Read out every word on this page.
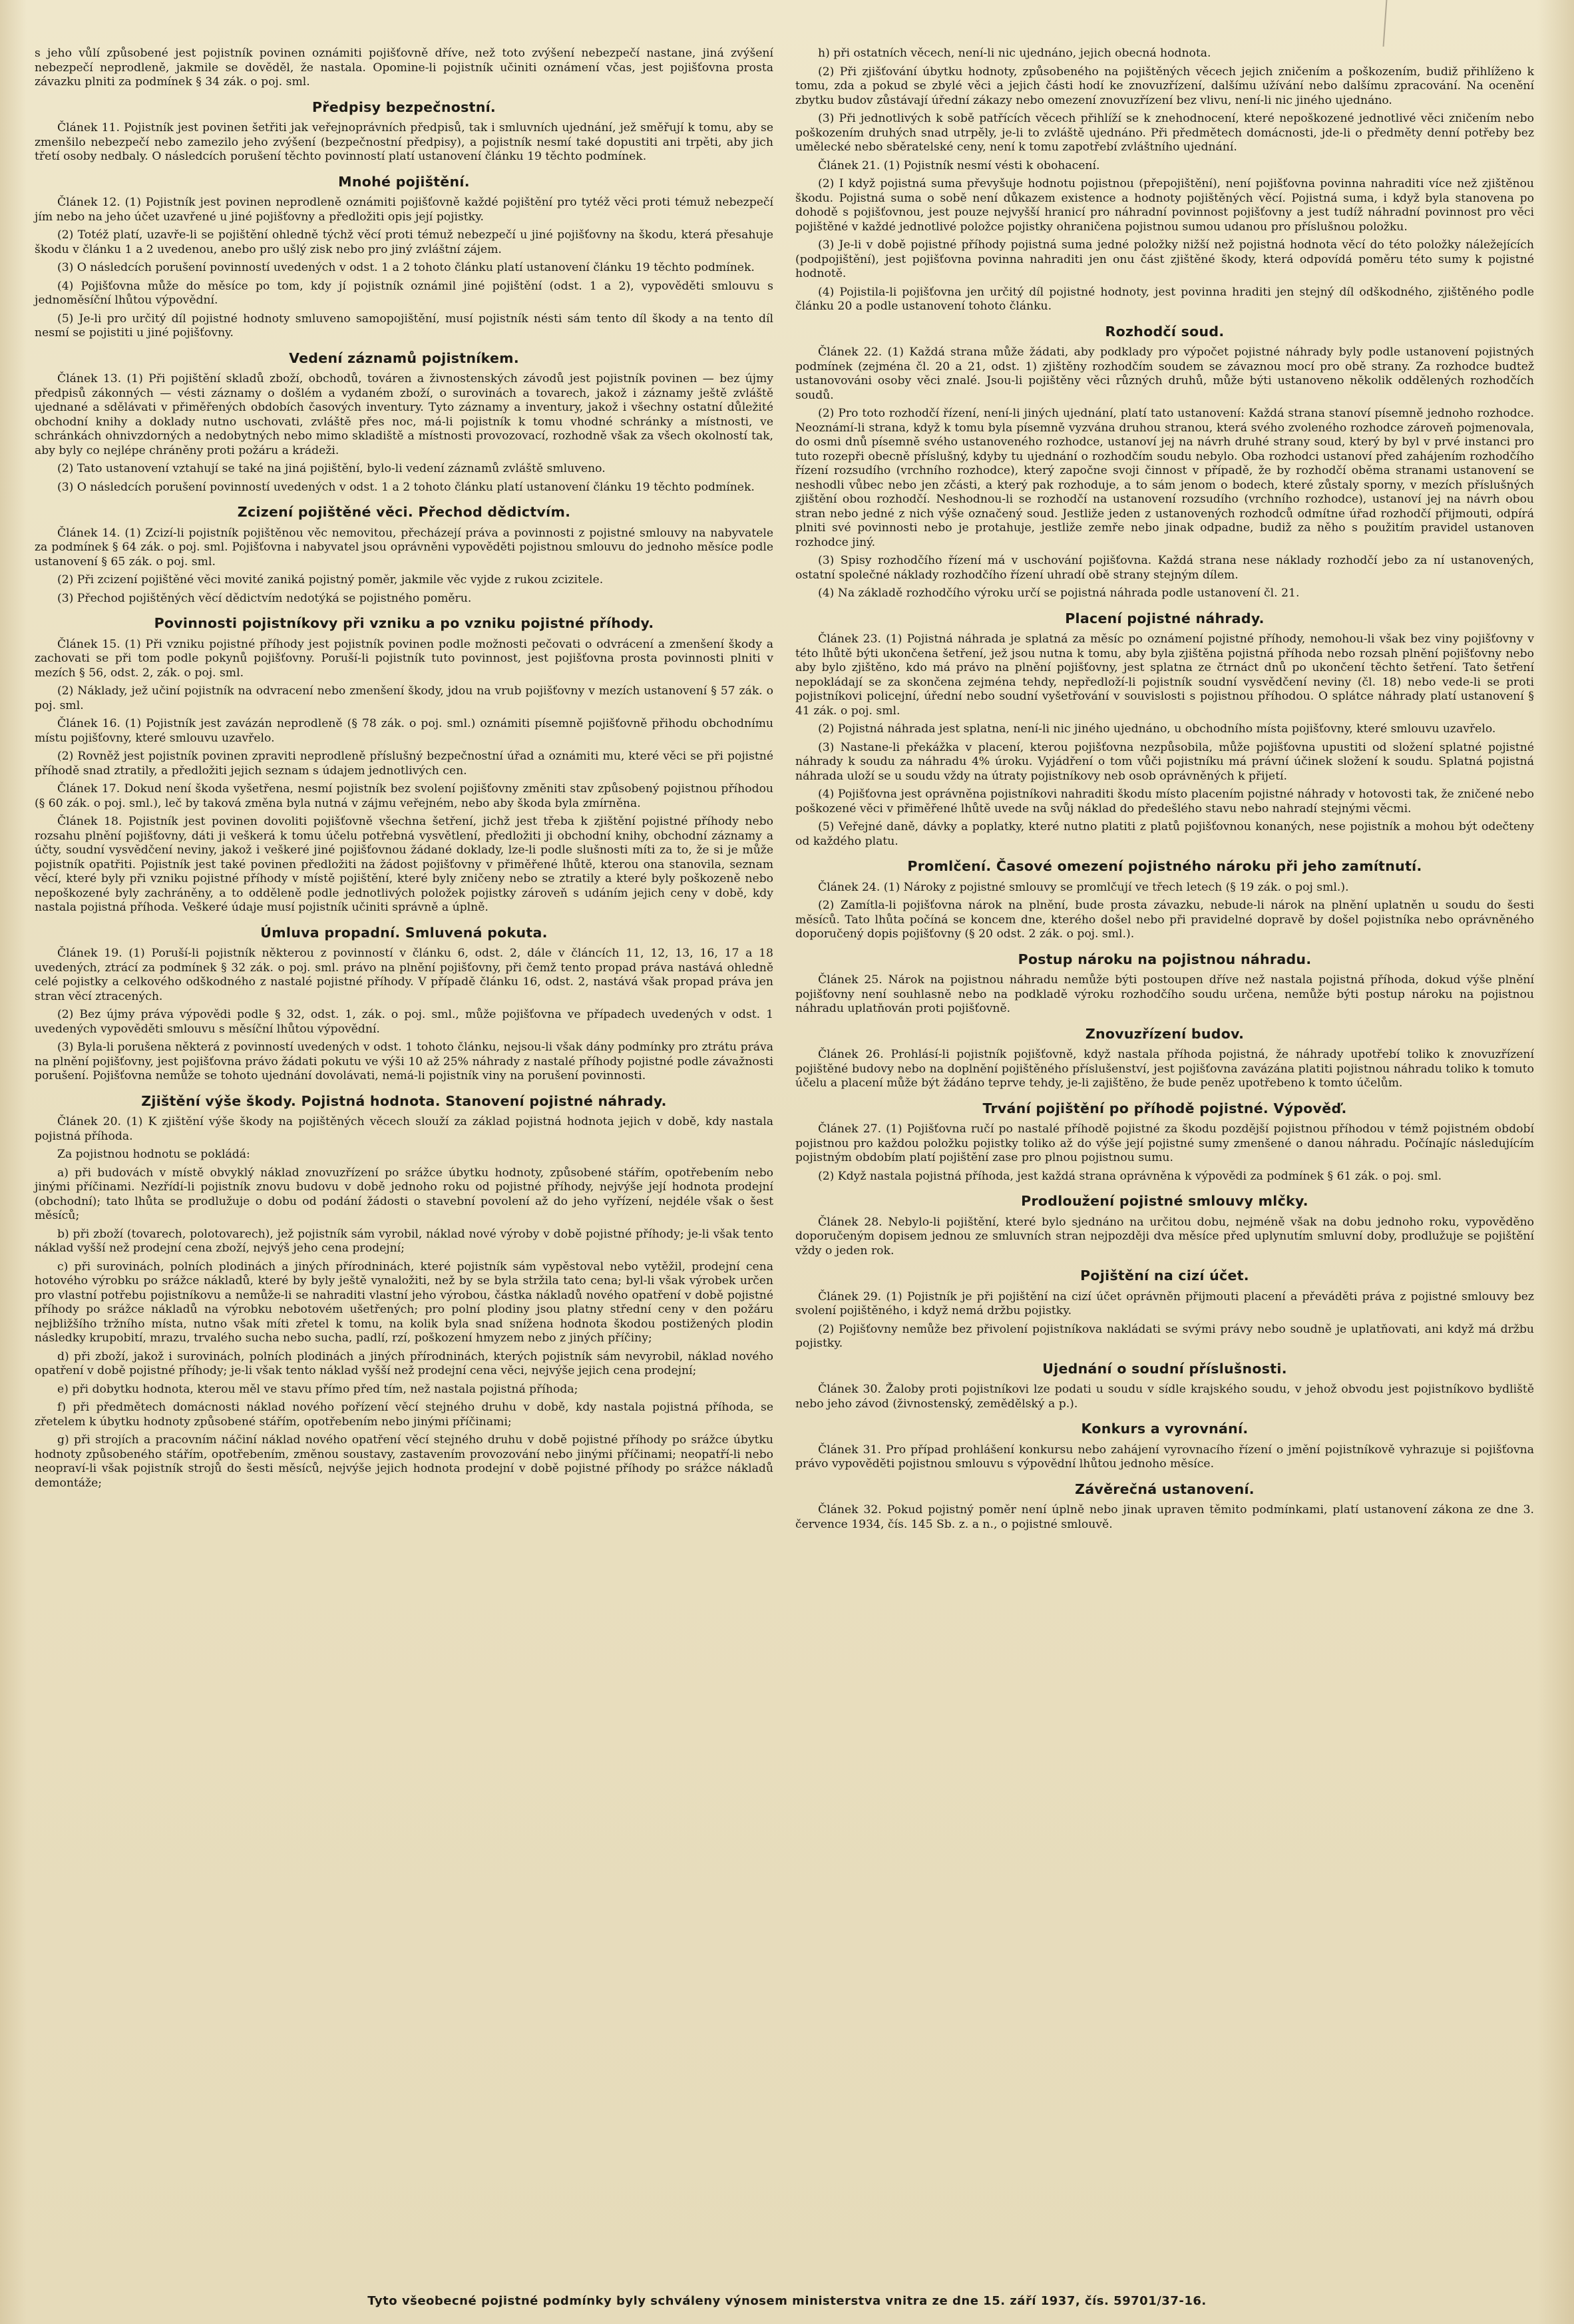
s jeho vůlí způsobené jest pojistník povinen oznámiti pojišťovně dříve, než toto zvýšení nebezpečí nastane, jiná zvýšení nebezpečí neprodleně, jakmile se dověděl, že nastala. Opomine-li pojistník učiniti oznámení včas, jest pojišťovna prosta závazku plniti za podmínek § 34 zák. o poj. sml.

Předpisy bezpečnostní.

Článek 11. Pojistník jest povinen šetřiti jak veřejnoprávních předpisů, tak i smluvních ujednání, jež směřují k tomu, aby se zmenšilo nebezpečí nebo zamezilo jeho zvýšení (bezpečnostní předpisy), a pojistník nesmí také dopustiti ani trpěti, aby jich třetí osoby nedbaly. O následcích porušení těchto povinností platí ustanovení článku 19 těchto podmínek.

Mnohé pojištění.

Článek 12. (1) Pojistník jest povinen neprodleně oznámiti pojišťovně každé pojištění pro tytéž věci proti témuž nebezpečí jím nebo na jeho účet uzavřené u jiné pojišťovny a předložiti opis její pojistky.

(2) Totéž platí, uzavře-li se pojištění ohledně týchž věcí proti témuž nebezpečí u jiné pojišťovny na škodu, která přesahuje škodu v článku 1 a 2 uvedenou, anebo pro ušlý zisk nebo pro jiný zvláštní zájem.

(3) O následcích porušení povinností uvedených v odst. 1 a 2 tohoto článku platí ustanovení článku 19 těchto podmínek.

(4) Pojišťovna může do měsíce po tom, kdy jí pojistník oznámil jiné pojištění (odst. 1 a 2), vypověděti smlouvu s jednoměsíční lhůtou výpovědní.

(5) Je-li pro určitý díl pojistné hodnoty smluveno samopojištění, musí pojistník nésti sám tento díl škody a na tento díl nesmí se pojistiti u jiné pojišťovny.

Vedení záznamů pojistníkem.

Článek 13. (1) Při pojištění skladů zboží, obchodů, továren a živnostenských závodů jest pojistník povinen — bez újmy předpisů zákonných — vésti záznamy o došlém a vydaném zboží, o surovinách a tovarech, jakož i záznamy ještě zvláště ujednané a sdělávati v přiměřených obdobích časových inventury. Tyto záznamy a inventury, jakož i všechny ostatní důležité obchodní knihy a doklady nutno uschovati, zvláště přes noc, má-li pojistník k tomu vhodné schránky a místnosti, ve schránkách ohnivzdorných a nedobytných nebo mimo skladiště a místnosti provozovací, rozhodně však za všech okolností tak, aby byly co nejlépe chráněny proti požáru a krádeži.

(2) Tato ustanovení vztahují se také na jiná pojištění, bylo-li vedení záznamů zvláště smluveno.

(3) O následcích porušení povinností uvedených v odst. 1 a 2 tohoto článku platí ustanovení článku 19 těchto podmínek.

Zcizení pojištěné věci. Přechod dědictvím.

Článek 14. (1) Zcizí-li pojistník pojištěnou věc nemovitou, přecházejí práva a povinnosti z pojistné smlouvy na nabyvatele za podmínek § 64 zák. o poj. sml. Pojišťovna i nabyvatel jsou oprávněni vypověděti pojistnou smlouvu do jednoho měsíce podle ustanovení § 65 zák. o poj. sml.

(2) Při zcizení pojištěné věci movité zaniká pojistný poměr, jakmile věc vyjde z rukou zcizitele.

(3) Přechod pojištěných věcí dědictvím nedotýká se pojistného poměru.

Povinnosti pojistníkovy při vzniku a po vzniku pojistné příhody.

Článek 15. (1) Při vzniku pojistné příhody jest pojistník povinen podle možnosti pečovati o odvrácení a zmenšení škody a zachovati se při tom podle pokynů pojišťovny. Poruší-li pojistník tuto povinnost, jest pojišťovna prosta povinnosti plniti v mezích § 56, odst. 2, zák. o poj. sml.

(2) Náklady, jež učiní pojistník na odvracení nebo zmenšení škody, jdou na vrub pojišťovny v mezích ustanovení § 57 zák. o poj. sml.

Článek 16. (1) Pojistník jest zavázán neprodleně (§ 78 zák. o poj. sml.) oznámiti písemně pojišťovně přihodu obchodnímu místu pojišťovny, které smlouvu uzavřelo.

(2) Rovněž jest pojistník povinen zpraviti neprodleně příslušný bezpečnostní úřad a oznámiti mu, které věci se při pojistné příhodě snad ztratily, a předložiti jejich seznam s údajem jednotlivých cen.

Článek 17. Dokud není škoda vyšetřena, nesmí pojistník bez svolení pojišťovny změniti stav způsobený pojistnou příhodou (§ 60 zák. o poj. sml.), leč by taková změna byla nutná v zájmu veřejném, nebo aby škoda byla zmírněna.

Článek 18. Pojistník jest povinen dovoliti pojišťovně všechna šetření, jichž jest třeba k zjištění pojistné příhody nebo rozsahu plnění pojišťovny, dáti ji veškerá k tomu účelu potřebná vysvětlení, předložiti ji obchodní knihy, obchodní záznamy a účty, soudní vysvědčení neviny, jakož i veškeré jiné pojišťovnou žádané doklady, lze-li podle slušnosti míti za to, že si je může pojistník opatřiti. Pojistník jest také povinen předložiti na žádost pojišťovny v přiměřené lhůtě, kterou ona stanovila, seznam věcí, které byly při vzniku pojistné příhody v místě pojištění, které byly zničeny nebo se ztratily a které byly poškozeně nebo nepoškozené byly zachráněny, a to odděleně podle jednotlivých položek pojistky zároveň s udáním jejich ceny v době, kdy nastala pojistná příhoda. Veškeré údaje musí pojistník učiniti správně a úplně.

Úmluva propadní. Smluvená pokuta.

Článek 19. (1) Poruší-li pojistník některou z povinností v článku 6, odst. 2, dále v článcích 11, 12, 13, 16, 17 a 18 uvedených, ztrácí za podmínek § 32 zák. o poj. sml. právo na plnění pojišťovny, při čemž tento propad práva nastává ohledně celé pojistky a celkového odškodného z nastalé pojistné příhody. V případě článku 16, odst. 2, nastává však propad práva jen stran věcí ztracených.

(2) Bez újmy práva výpovědi podle § 32, odst. 1, zák. o poj. sml., může pojišťovna ve případech uvedených v odst. 1 uvedených vypověděti smlouvu s měsíční lhůtou výpovědní.

(3) Byla-li porušena některá z povinností uvedených v odst. 1 tohoto článku, nejsou-li však dány podmínky pro ztrátu práva na plnění pojišťovny, jest pojišťovna právo žádati pokutu ve výši 10 až 25% náhrady z nastalé příhody pojistné podle závažnosti porušení. Pojišťovna nemůže se tohoto ujednání dovolávati, nemá-li pojistník viny na porušení povinnosti.

Zjištění výše škody. Pojistná hodnota. Stanovení pojistné náhrady.

Článek 20. (1) K zjištění výše škody na pojištěných věcech slouží za základ pojistná hodnota jejich v době, kdy nastala pojistná příhoda.

Za pojistnou hodnotu se pokládá:

a) při budovách v místě obvyklý náklad znovuzřízení po srážce úbytku hodnoty, způsobené stářím, opotřebením nebo jinými příčinami. Nezřídí-li pojistník znovu budovu v době jednoho roku od pojistné příhody, nejvýše její hodnota prodejní (obchodní); tato lhůta se prodlužuje o dobu od podání žádosti o stavební povolení až do jeho vyřízení, nejdéle však o šest měsíců;

b) při zboží (tovarech, polotovarech), jež pojistník sám vyrobil, náklad nové výroby v době pojistné příhody; je-li však tento náklad vyšší než prodejní cena zboží, nejvýš jeho cena prodejní;

c) při surovinách, polních plodinách a jiných přírodninách, které pojistník sám vypěstoval nebo vytěžil, prodejní cena hotového výrobku po srážce nákladů, které by byly ještě vynaložiti, než by se byla stržila tato cena; byl-li však výrobek určen pro vlastní potřebu pojistníkovu a nemůže-li se nahraditi vlastní jeho výrobou, částka nákladů nového opatření v době pojistné příhody po srážce nákladů na výrobku nebotovém ušetřených; pro polní plodiny jsou platny střední ceny v den požáru nejbližšího tržního místa, nutno však míti zřetel k tomu, na kolik byla snad snížena hodnota škodou postižených plodin následky krupobití, mrazu, trvalého sucha nebo sucha, padlí, rzí, poškození hmyzem nebo z jiných příčiny;

d) při zboží, jakož i surovinách, polních plodinách a jiných přírodninách, kterých pojistník sám nevyrobil, náklad nového opatření v době pojistné příhody; je-li však tento náklad vyšší než prodejní cena věci, nejvýše jejich cena prodejní;

e) při dobytku hodnota, kterou měl ve stavu přímo před tím, než nastala pojistná příhoda;

f) při předmětech domácnosti náklad nového pořízení věcí stejného druhu v době, kdy nastala pojistná příhoda, se zřetelem k úbytku hodnoty způsobené stářím, opotřebením nebo jinými příčinami;

g) při strojích a pracovním náčiní náklad nového opatření věcí stejného druhu v době pojistné příhody po srážce úbytku hodnoty způsobeného stářím, opotřebením, změnou soustavy, zastavením provozování nebo jinými příčinami; neopatří-li nebo neopraví-li však pojistník strojů do šesti měsíců, nejvýše jejich hodnota prodejní v době pojistné příhody po srážce nákladů demontáže;

h) při ostatních věcech, není-li nic ujednáno, jejich obecná hodnota.

(2) Při zjišťování úbytku hodnoty, způsobeného na pojištěných věcech jejich zničením a poškozením, budiž přihlíženo k tomu, zda a pokud se zbylé věci a jejich části hodí ke znovuzřízení, dalšímu užívání nebo dalšímu zpracování. Na ocenění zbytku budov zůstávají úřední zákazy nebo omezení znovuzřízení bez vlivu, není-li nic jiného ujednáno.

(3) Při jednotlivých k sobě patřících věcech přihlíží se k znehodnocení, které nepoškozené jednotlivé věci zničením nebo poškozením druhých snad utrpěly, je-li to zvláště ujednáno. Při předmětech domácnosti, jde-li o předměty denní potřeby bez umělecké nebo sběratelské ceny, není k tomu zapotřebí zvláštního ujednání.

Článek 21. (1) Pojistník nesmí vésti k obohacení.

(2) I když pojistná suma převyšuje hodnotu pojistnou (přepojištění), není pojišťovna povinna nahraditi více než zjištěnou škodu. Pojistná suma o sobě není důkazem existence a hodnoty pojištěných věcí. Pojistná suma, i když byla stanovena po dohodě s pojišťovnou, jest pouze nejvyšší hranicí pro náhradní povinnost pojišťovny a jest tudíž náhradní povinnost pro věci pojištěné v každé jednotlivé položce pojistky ohraničena pojistnou sumou udanou pro příslušnou položku.

(3) Je-li v době pojistné příhody pojistná suma jedné položky nižší než pojistná hodnota věcí do této položky náležejících (podpojištění), jest pojišťovna povinna nahraditi jen onu část zjištěné škody, která odpovídá poměru této sumy k pojistné hodnotě.

(4) Pojistila-li pojišťovna jen určitý díl pojistné hodnoty, jest povinna hraditi jen stejný díl odškodného, zjištěného podle článku 20 a podle ustanovení tohoto článku.

Rozhodčí soud.

Článek 22. (1) Každá strana může žádati, aby podklady pro výpočet pojistné náhrady byly podle ustanovení pojistných podmínek (zejména čl. 20 a 21, odst. 1) zjištěny rozhodčím soudem se závaznou mocí pro obě strany. Za rozhodce budtež ustanovováni osoby věci znalé. Jsou-li pojištěny věci různých druhů, může býti ustanoveno několik oddělených rozhodčích soudů.

(2) Pro toto rozhodčí řízení, není-li jiných ujednání, platí tato ustanovení: Každá strana stanoví písemně jednoho rozhodce. Neoznámí-li strana, když k tomu byla písemně vyzvána druhou stranou, která svého zvoleného rozhodce zároveň pojmenovala, do osmi dnů písemně svého ustanoveného rozhodce, ustanoví jej na návrh druhé strany soud, který by byl v prvé instanci pro tuto rozepři obecně příslušný, kdyby tu ujednání o rozhodčím soudu nebylo. Oba rozhodci ustanoví před zahájením rozhodčího řízení rozsudího (vrchního rozhodce), který započne svoji činnost v případě, že by rozhodčí oběma stranami ustanovení se neshodli vůbec nebo jen zčásti, a který pak rozhoduje, a to sám jenom o bodech, které zůstaly sporny, v mezích příslušných zjištění obou rozhodčí. Neshodnou-li se rozhodčí na ustanovení rozsudího (vrchního rozhodce), ustanoví jej na návrh obou stran nebo jedné z nich výše označený soud. Jestliže jeden z ustanovených rozhodců odmítne úřad rozhodčí přijmouti, odpírá plniti své povinnosti nebo je protahuje, jestliže zemře nebo jinak odpadne, budiž za něho s použitím pravidel ustanoven rozhodce jiný.

(3) Spisy rozhodčího řízení má v uschování pojišťovna. Každá strana nese náklady rozhodčí jebo za ní ustanovených, ostatní společné náklady rozhodčího řízení uhradí obě strany stejným dílem.

(4) Na základě rozhodčího výroku určí se pojistná náhrada podle ustanovení čl. 21.

Placení pojistné náhrady.

Článek 23. (1) Pojistná náhrada je splatná za měsíc po oznámení pojistné příhody, nemohou-li však bez viny pojišťovny v této lhůtě býti ukončena šetření, jež jsou nutna k tomu, aby byla zjištěna pojistná příhoda nebo rozsah plnění pojišťovny nebo aby bylo zjištěno, kdo má právo na plnění pojišťovny, jest splatna ze čtrnáct dnů po ukončení těchto šetření. Tato šetření nepokládají se za skončena zejména tehdy, nepředloží-li pojistník soudní vysvědčení neviny (čl. 18) nebo vede-li se proti pojistníkovi policejní, úřední nebo soudní vyšetřování v souvislosti s pojistnou příhodou. O splátce náhrady platí ustanovení § 41 zák. o poj. sml.

(2) Pojistná náhrada jest splatna, není-li nic jiného ujednáno, u obchodního místa pojišťovny, které smlouvu uzavřelo.

(3) Nastane-li překážka v placení, kterou pojišťovna nezpůsobila, může pojišťovna upustiti od složení splatné pojistné náhrady k soudu za náhradu 4% úroku. Vyjádření o tom vůči pojistníku má právní účinek složení k soudu. Splatná pojistná náhrada uloží se u soudu vždy na útraty pojistníkovy neb osob oprávněných k přijetí.

(4) Pojišťovna jest oprávněna pojistníkovi nahraditi škodu místo placením pojistné náhrady v hotovosti tak, že zničené nebo poškozené věci v přiměřené lhůtě uvede na svůj náklad do předešlého stavu nebo nahradí stejnými věcmi.

(5) Veřejné daně, dávky a poplatky, které nutno platiti z platů pojišťovnou konaných, nese pojistník a mohou být odečteny od každého platu.

Promlčení. Časové omezení pojistného nároku při jeho zamítnutí.

Článek 24. (1) Nároky z pojistné smlouvy se promlčují ve třech letech (§ 19 zák. o poj sml.).

(2) Zamítla-li pojišťovna nárok na plnění, bude prosta závazku, nebude-li nárok na plnění uplatněn u soudu do šesti měsíců. Tato lhůta počíná se koncem dne, kterého došel nebo při pravidelné dopravě by došel pojistníka nebo oprávněného doporučený dopis pojišťovny (§ 20 odst. 2 zák. o poj. sml.).

Postup nároku na pojistnou náhradu.

Článek 25. Nárok na pojistnou náhradu nemůže býti postoupen dříve než nastala pojistná příhoda, dokud výše plnění pojišťovny není souhlasně nebo na podkladě výroku rozhodčího soudu určena, nemůže býti postup nároku na pojistnou náhradu uplatňován proti pojišťovně.

Znovuzřízení budov.

Článek 26. Prohlásí-li pojistník pojišťovně, když nastala příhoda pojistná, že náhrady upotřebí toliko k znovuzřízení pojištěné budovy nebo na doplnění pojištěného příslušenství, jest pojišťovna zavázána platiti pojistnou náhradu toliko k tomuto účelu a placení může být žádáno teprve tehdy, je-li zajištěno, že bude peněz upotřebeno k tomto účelům.

Trvání pojištění po příhodě pojistné. Výpověď.

Článek 27. (1) Pojišťovna ručí po nastalé příhodě pojistné za škodu pozdější pojistnou příhodou v témž pojistném období pojistnou pro každou položku pojistky toliko až do výše její pojistné sumy zmenšené o danou náhradu. Počínajíc následujícím pojistným obdobím platí pojištění zase pro plnou pojistnou sumu.

(2) Když nastala pojistná příhoda, jest každá strana oprávněna k výpovědi za podmínek § 61 zák. o poj. sml.

Prodloužení pojistné smlouvy mlčky.

Článek 28. Nebylo-li pojištění, které bylo sjednáno na určitou dobu, nejméně však na dobu jednoho roku, vypověděno doporučeným dopisem jednou ze smluvních stran nejpozději dva měsíce před uplynutím smluvní doby, prodlužuje se pojištění vždy o jeden rok.

Pojištění na cizí účet.

Článek 29. (1) Pojistník je při pojištění na cizí účet oprávněn přijmouti placení a převáděti práva z pojistné smlouvy bez svolení pojištěného, i když nemá držbu pojistky.

(2) Pojišťovny nemůže bez přivolení pojistníkova nakládati se svými právy nebo soudně je uplatňovati, ani když má držbu pojistky.

Ujednání o soudní příslušnosti.

Článek 30. Žaloby proti pojistníkovi lze podati u soudu v sídle krajského soudu, v jehož obvodu jest pojistníkovo bydliště nebo jeho závod (živnostenský, zemědělský a p.).

Konkurs a vyrovnání.

Článek 31. Pro případ prohlášení konkursu nebo zahájení vyrovnacího řízení o jmění pojistníkově vyhrazuje si pojišťovna právo vypověděti pojistnou smlouvu s výpovědní lhůtou jednoho měsíce.

Závěrečná ustanovení.

Článek 32. Pokud pojistný poměr není úplně nebo jinak upraven těmito podmínkami, platí ustanovení zákona ze dne 3. července 1934, čís. 145 Sb. z. a n., o pojistné smlouvě.

Tyto všeobecné pojistné podmínky byly schváleny výnosem ministerstva vnitra ze dne 15. září 1937, čís. 59701/37-16.
